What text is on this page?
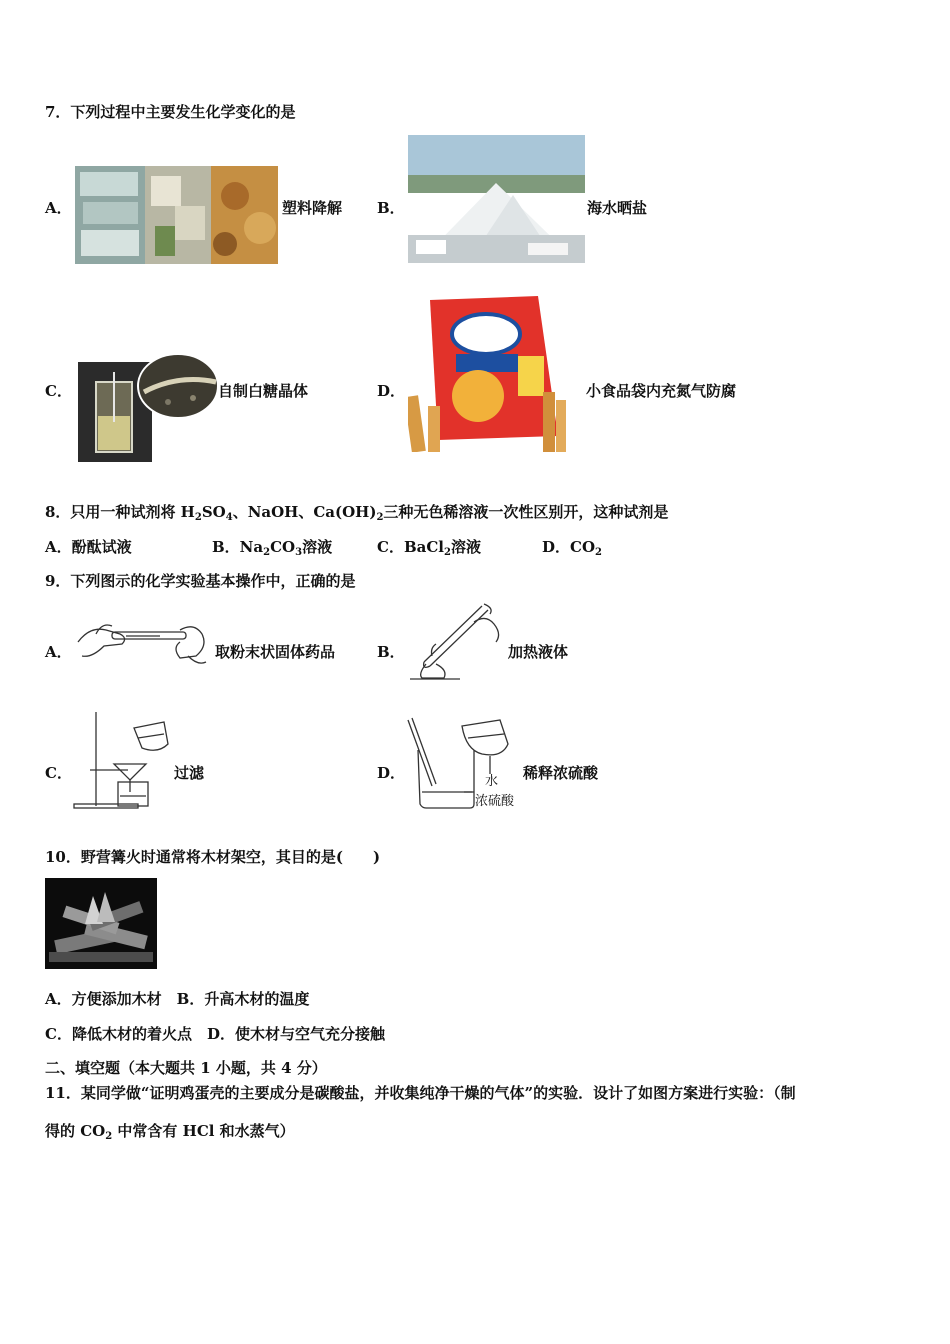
7．下列过程中主要发生化学变化的是
A．	塑料降解 B．	海水晒盐
C．	自制白糖晶体	D．	小食品袋内充氮气防腐
8．只用一种试剂将 $H_2SO_4$、NaOH、$Ca(OH)_2$三种无色稀溶液一次性区别开，这种试剂是
A．酚酞试液	B．$Na_2CO_3$溶液	C．BaCl$_2$溶液	D．$CO_2$
9．下列图示的化学实验基本操作中，正确的是
A．	取粉末状固体药品	B．	加热液体
C．	过滤	D．	水
浓硫酸
稀释浓硫酸
10．野营篝火时通常将木材架空，其目的是(　　)
A．方便添加木材　B．升高木材的温度
C．降低木材的着火点　D．使木材与空气充分接触
二、填空题（本大题共 1 小题，共 4 分）
11．某同学做“证明鸡蛋壳的主要成分是碳酸盐，并收集纯净干燥的气体”的实验．设计了如图方案进行实验：（制
得的 $CO_2$ 中常含有 HCl 和水蒸气）
